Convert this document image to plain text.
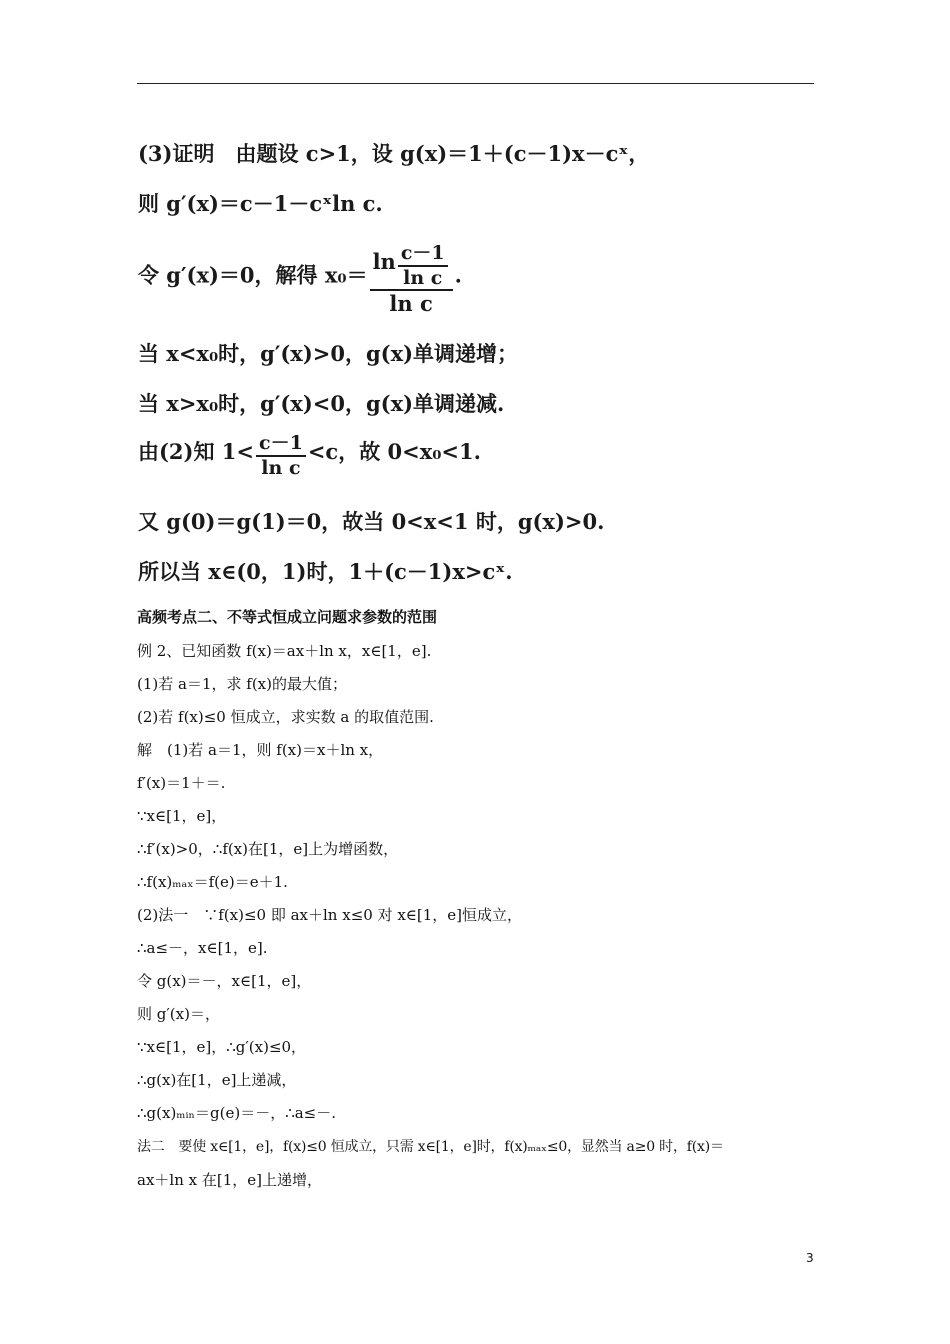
(3)证明　由题设 c>1，设 g(x)＝1＋(c－1)x－cˣ，
则 g′(x)＝c－1－cˣln c.
令 g′(x)＝0，解得 $x_0= \frac{\ln \frac{c-1}{\text{ln c}}}{\text{ln c}}$ .
当 x<x₀时，g′(x)>0，g(x)单调递增；
当 x>x₀时，g′(x)<0，g(x)单调递减.
由(2)知 $1< \frac{c-1}{\text{ln c}} <c$，故 0<x₀<1.
又 g(0)＝g(1)＝0，故当 0<x<1 时，g(x)>0.
所以当 x∈(0，1)时，1＋(c－1)x>cˣ.
高频考点二、不等式恒成立问题求参数的范围
例 2、已知函数 f(x)＝ax＋ln x，x∈[1，e].
(1)若 a＝1，求 f(x)的最大值；
(2)若 f(x)≤0 恒成立，求实数 a 的取值范围.
解　(1)若 a＝1，则 f(x)＝x＋ln x，
f′(x)＝1＋＝.
∵x∈[1，e]，
∴f′(x)>0，∴f(x)在[1，e]上为增函数，
∴f(x)ₘₐₓ＝f(e)＝e＋1.
(2)法一　∵f(x)≤0 即 ax＋ln x≤0 对 x∈[1，e]恒成立，
∴a≤－，x∈[1，e].
令 g(x)＝－，x∈[1，e]，
则 g′(x)＝，
∵x∈[1，e]，∴g′(x)≤0，
∴g(x)在[1，e]上递减，
∴g(x)ₘᵢₙ＝g(e)＝－，∴a≤－.
法二　要使 x∈[1，e]，f(x)≤0 恒成立，只需 x∈[1，e]时，f(x)ₘₐₓ≤0，显然当 a≥0 时，f(x)＝
ax＋ln x 在[1，e]上递增，
3
